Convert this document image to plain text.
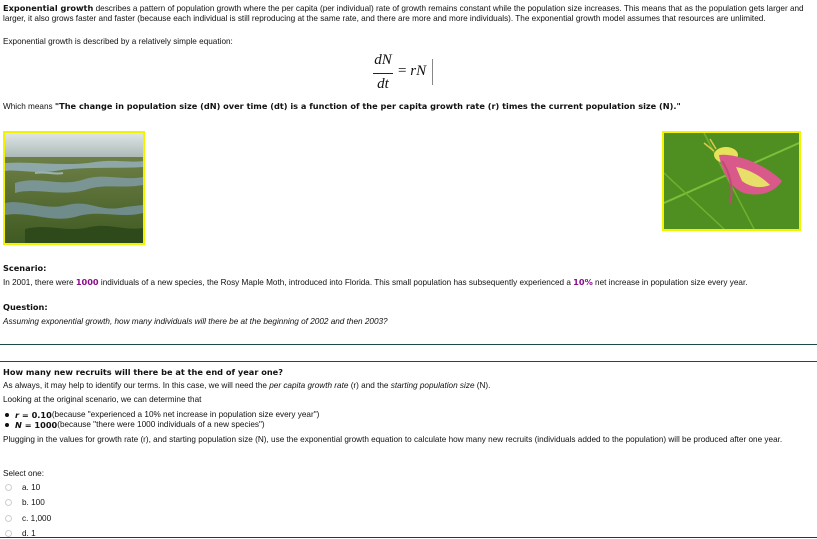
Exponential growth describes a pattern of population growth where the per capita (per individual) rate of growth remains constant while the population size increases. This means that as the population gets larger and larger, it also grows faster and faster (because each individual is still reproducing at the same rate, and there are more and more individuals). The exponential growth model assumes that resources are unlimited.
Exponential growth is described by a relatively simple equation:
dN
dt
= rN
Which means "The change in population size (dN) over time (dt) is a function of the per capita growth rate (r) times the current population size (N)."
Scenario:
In 2001, there were 1000 individuals of a new species, the Rosy Maple Moth, introduced into Florida. This small population has subsequently experienced a 10% net increase in population size every year.
Question:
Assuming exponential growth, how many individuals will there be at the beginning of 2002 and then 2003?
How many new recruits will there be at the end of year one?
As always, it may help to identify our terms. In this case, we will need the per capita growth rate (r) and the starting population size (N).
Looking at the original scenario, we can determine that
r = 0.10 (because "experienced a 10% net increase in population size every year")
N = 1000 (because "there were 1000 individuals of a new species")
Plugging in the values for growth rate (r), and starting population size (N), use the exponential growth equation to calculate how many new recruits (individuals added to the population) will be produced after one year.
Select one:
a. 10
b. 100
c. 1,000
d. 1
